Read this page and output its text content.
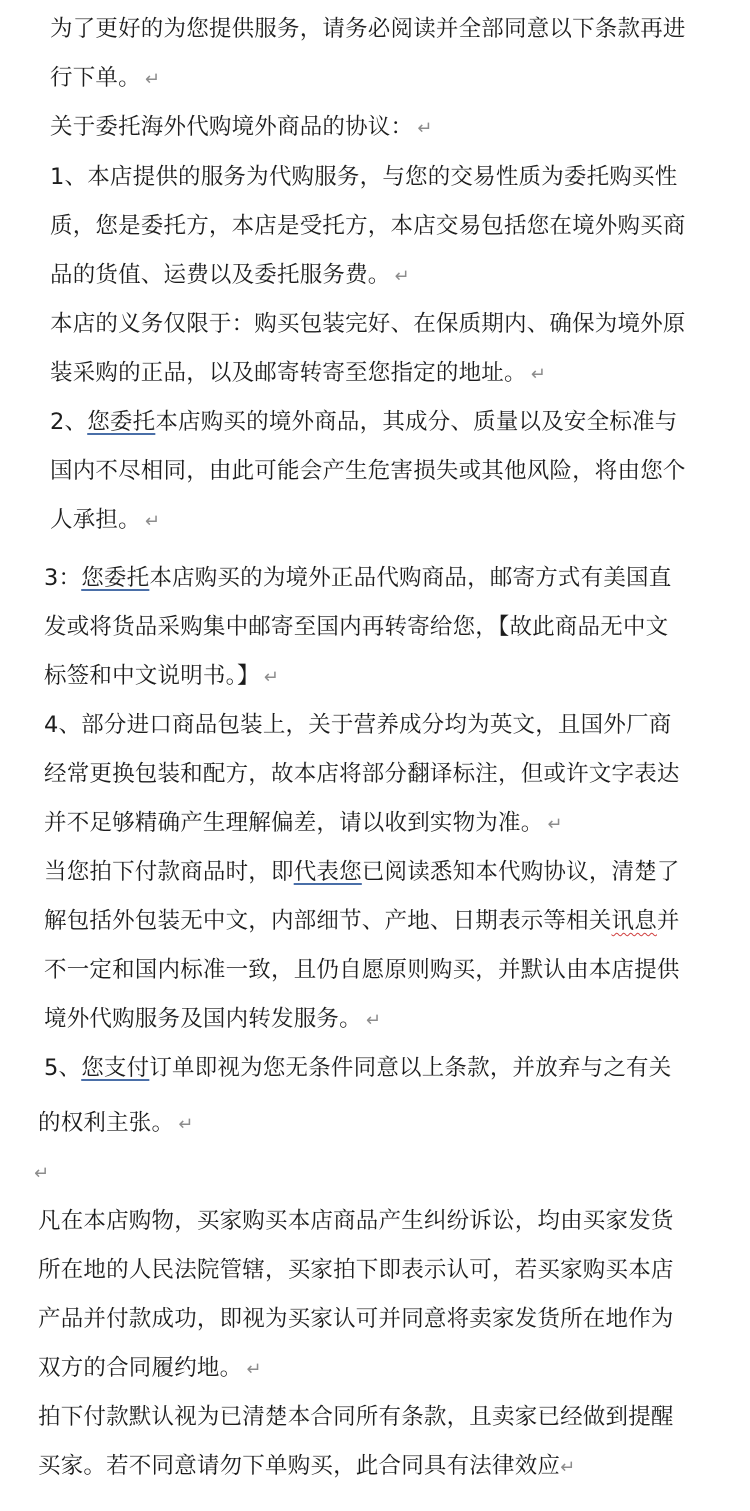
为了更好的为您提供服务，请务必阅读并全部同意以下条款再进
行下单。 ↵
关于委托海外代购境外商品的协议： ↵
1、本店提供的服务为代购服务，与您的交易性质为委托购买性
质，您是委托方，本店是受托方，本店交易包括您在境外购买商
品的货值、运费以及委托服务费。 ↵
本店的义务仅限于：购买包装完好、在保质期内、确保为境外原
装采购的正品，以及邮寄转寄至您指定的地址。 ↵
2、您委托本店购买的境外商品，其成分、质量以及安全标准与
国内不尽相同，由此可能会产生危害损失或其他风险，将由您个
人承担。 ↵
3：您委托本店购买的为境外正品代购商品，邮寄方式有美国直
发或将货品采购集中邮寄至国内再转寄给您，【故此商品无中文
标签和中文说明书。】 ↵
4、部分进口商品包装上，关于营养成分均为英文，且国外厂商
经常更换包装和配方，故本店将部分翻译标注，但或许文字表达
并不足够精确产生理解偏差，请以收到实物为准。 ↵
当您拍下付款商品时，即代表您已阅读悉知本代购协议，清楚了
解包括外包装无中文，内部细节、产地、日期表示等相关讯息并
不一定和国内标准一致，且仍自愿原则购买，并默认由本店提供
境外代购服务及国内转发服务。 ↵
5、您支付订单即视为您无条件同意以上条款，并放弃与之有关
的权利主张。 ↵
↵
凡在本店购物，买家购买本店商品产生纠纷诉讼，均由买家发货
所在地的人民法院管辖，买家拍下即表示认可，若买家购买本店
产品并付款成功，即视为买家认可并同意将卖家发货所在地作为
双方的合同履约地。 ↵
拍下付款默认视为已清楚本合同所有条款，且卖家已经做到提醒
买家。若不同意请勿下单购买，此合同具有法律效应↵
